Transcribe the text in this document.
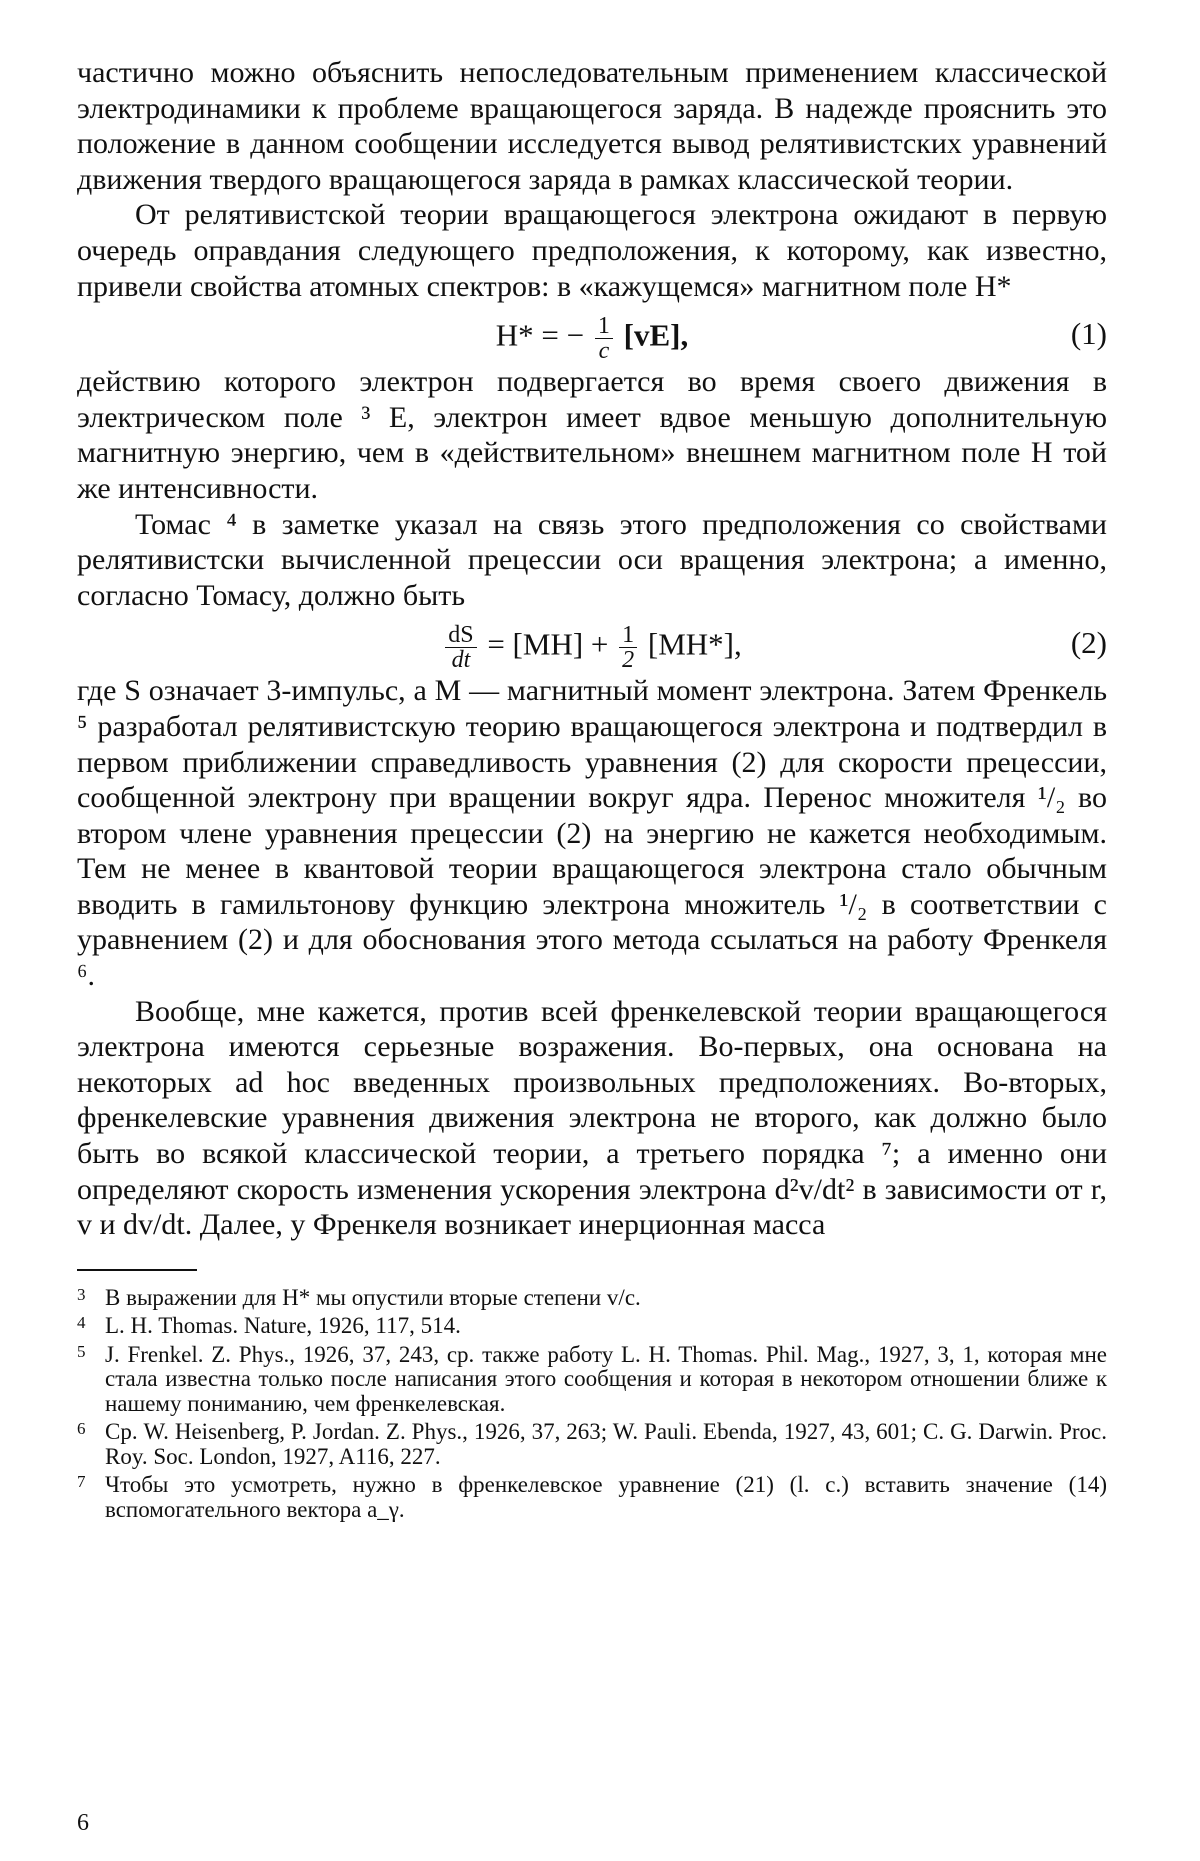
частично можно объяснить непоследовательным применением классической электродинамики к проблеме вращающегося заряда. В надежде прояснить это положение в данном сообщении исследуется вывод релятивистских уравнений движения твердого вращающегося заряда в рамках классической теории.

От релятивистской теории вращающегося электрона ожидают в первую очередь оправдания следующего предположения, к которому, как известно, привели свойства атомных спектров: в «кажущемся» магнитном поле H*

H* = − $\frac{1}{c} [vE]$,	(1)

действию которого электрон подвергается во время своего движения в электрическом поле ³ E, электрон имеет вдвое меньшую дополнительную магнитную энергию, чем в «действительном» внешнем магнитном поле H той же интенсивности.

Томас ⁴ в заметке указал на связь этого предположения со свойствами релятивистски вычисленной прецессии оси вращения электрона; а именно, согласно Томасу, должно быть

$\frac{dS}{dt} = [MH] + \frac{1}{2} [MH*]$,	(2)

где S означает 3-импульс, а M — магнитный момент электрона. Затем Френкель ⁵ разработал релятивистскую теорию вращающегося электрона и подтвердил в первом приближении справедливость уравнения (2) для скорости прецессии, сообщенной электрону при вращении вокруг ядра. Перенос множителя ¹/₂ во втором члене уравнения прецессии (2) на энергию не кажется необходимым. Тем не менее в квантовой теории вращающегося электрона стало обычным вводить в гамильтонову функцию электрона множитель ¹/₂ в соответствии с уравнением (2) и для обоснования этого метода ссылаться на работу Френкеля ⁶.

Вообще, мне кажется, против всей френкелевской теории вращающегося электрона имеются серьезные возражения. Во-первых, она основана на некоторых ad hoc введенных произвольных предположениях. Во-вторых, френкелевские уравнения движения электрона не второго, как должно было быть во всякой классической теории, а третьего порядка ⁷; а именно они определяют скорость изменения ускорения электрона d²v/dt² в зависимости от r, v и dv/dt. Далее, у Френкеля возникает инерционная масса

3 В выражении для H* мы опустили вторые степени v/c.

4 L. H. Thomas. Nature, 1926, 117, 514.

5 J. Frenkel. Z. Phys., 1926, 37, 243, ср. также работу L. H. Thomas. Phil. Mag., 1927, 3, 1, которая мне стала известна только после написания этого сообщения и которая в некотором отношении ближе к нашему пониманию, чем френкелевская.

6 Ср. W. Heisenberg, P. Jordan. Z. Phys., 1926, 37, 263; W. Pauli. Ebenda, 1927, 43, 601; C. G. Darwin. Proc. Roy. Soc. London, 1927, A116, 227.

7 Чтобы это усмотреть, нужно в френкелевское уравнение (21) (l. c.) вставить значение (14) вспомогательного вектора a_γ.

6
